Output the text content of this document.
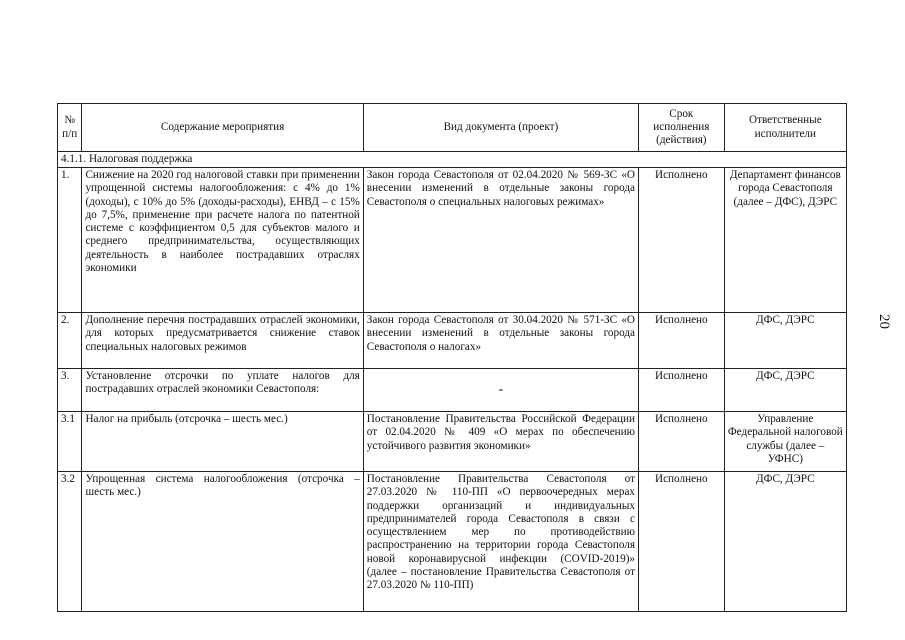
20
№ п/п	Содержание мероприятия	Вид документа (проект)	Срок исполнения (действия)	Ответственные исполнители
4.1.1. Налоговая поддержка				
1.	Снижение на 2020 год налоговой ставки при применении упрощенной системы налогообложения: с 4% до 1% (доходы), с 10% до 5% (доходы-расходы), ЕНВД – с 15% до 7,5%, применение при расчете налога по патентной системе с коэффициентом 0,5 для субъектов малого и среднего предпринимательства, осуществляющих деятельность в наиболее пострадавших отраслях экономики	Закон города Севастополя от 02.04.2020 № 569-ЗС «О внесении изменений в отдельные законы города Севастополя о специальных налоговых режимах»	Исполнено	Департамент финансов города Севастополя (далее – ДФС), ДЭРС
2.	Дополнение перечня пострадавших отраслей экономики, для которых предусматривается снижение ставок специальных налоговых режимов	Закон города Севастополя от 30.04.2020 № 571-ЗС «О внесении изменений в отдельные законы города Севастополя о налогах»	Исполнено	ДФС, ДЭРС
3.	Установление отсрочки по уплате налогов для пострадавших отраслей экономики Севастополя:	-	Исполнено	ДФС, ДЭРС
3.1	Налог на прибыль (отсрочка – шесть мес.)	Постановление Правительства Российской Федерации от 02.04.2020 № 409 «О мерах по обеспечению устойчивого развития экономики»	Исполнено	Управление Федеральной налоговой службы (далее – УФНС)
3.2	Упрощенная система налогообложения (отсрочка – шесть мес.)	Постановление Правительства Севастополя от 27.03.2020 № 110-ПП «О первоочередных мерах поддержки организаций и индивидуальных предпринимателей города Севастополя в связи с осуществлением мер по противодействию распространению на территории города Севастополя новой коронавирусной инфекции (COVID-2019)» (далее – постановление Правительства Севастополя от 27.03.2020 № 110-ПП)	Исполнено	ДФС, ДЭРС
